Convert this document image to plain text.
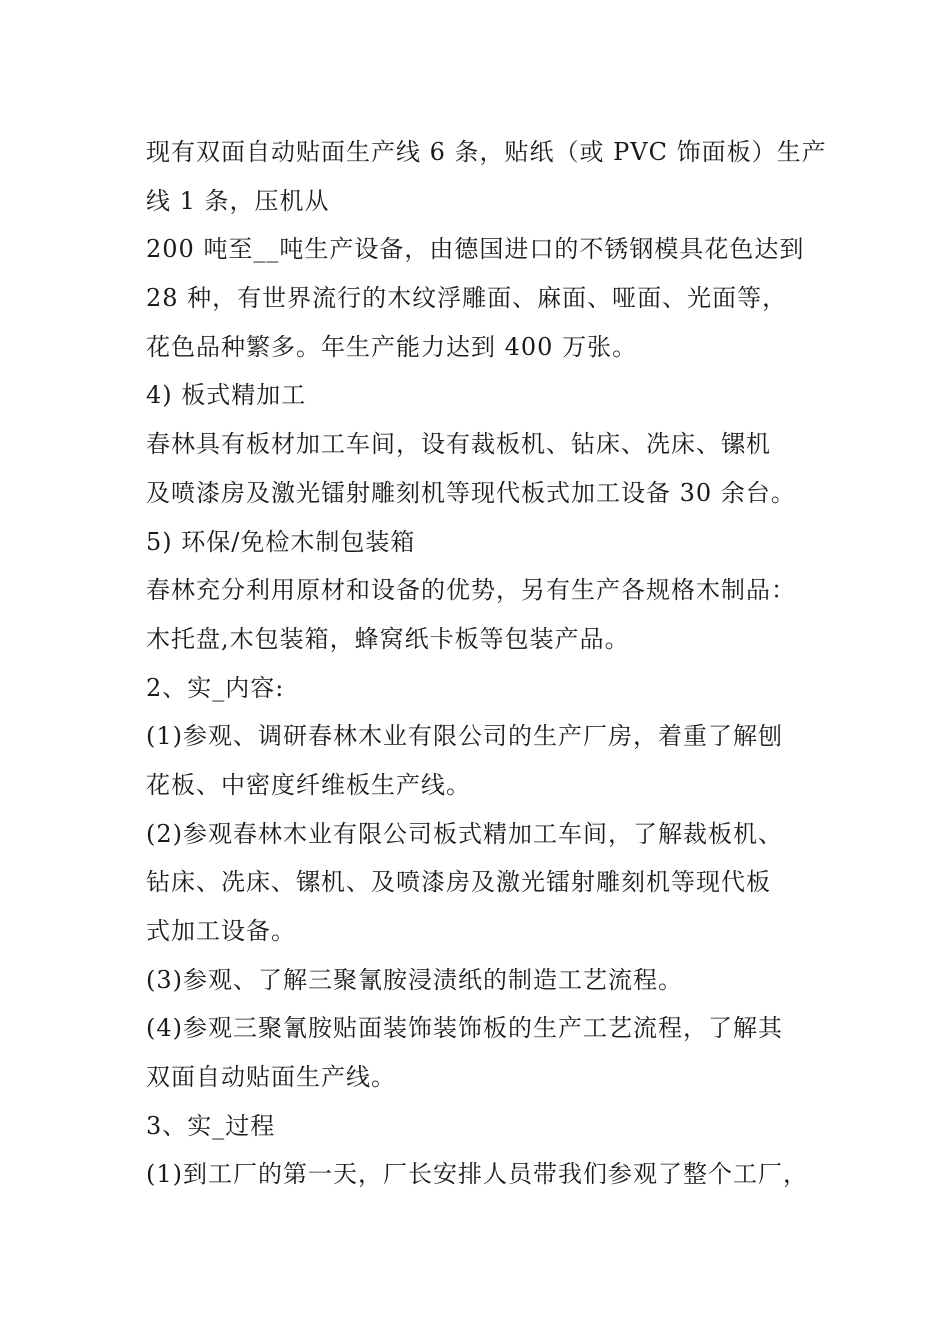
现有双面自动贴面生产线 6 条，贴纸（或 PVC 饰面板）生产
线 1 条，压机从
200 吨至__吨生产设备，由德国进口的不锈钢模具花色达到
28 种，有世界流行的木纹浮雕面、麻面、哑面、光面等，
花色品种繁多。年生产能力达到 400 万张。
4) 板式精加工
春林具有板材加工车间，设有裁板机、钻床、冼床、镙机
及喷漆房及激光镭射雕刻机等现代板式加工设备 30 余台。
5) 环保/免检木制包装箱
春林充分利用原材和设备的优势，另有生产各规格木制品：
木托盘,木包装箱，蜂窝纸卡板等包装产品。
2、实_内容:
(1)参观、调研春林木业有限公司的生产厂房，着重了解刨
花板、中密度纤维板生产线。
(2)参观春林木业有限公司板式精加工车间，了解裁板机、
钻床、冼床、镙机、及喷漆房及激光镭射雕刻机等现代板
式加工设备。
(3)参观、了解三聚氰胺浸渍纸的制造工艺流程。
(4)参观三聚氰胺贴面装饰装饰板的生产工艺流程，了解其
双面自动贴面生产线。
3、实_过程
(1)到工厂的第一天，厂长安排人员带我们参观了整个工厂，
